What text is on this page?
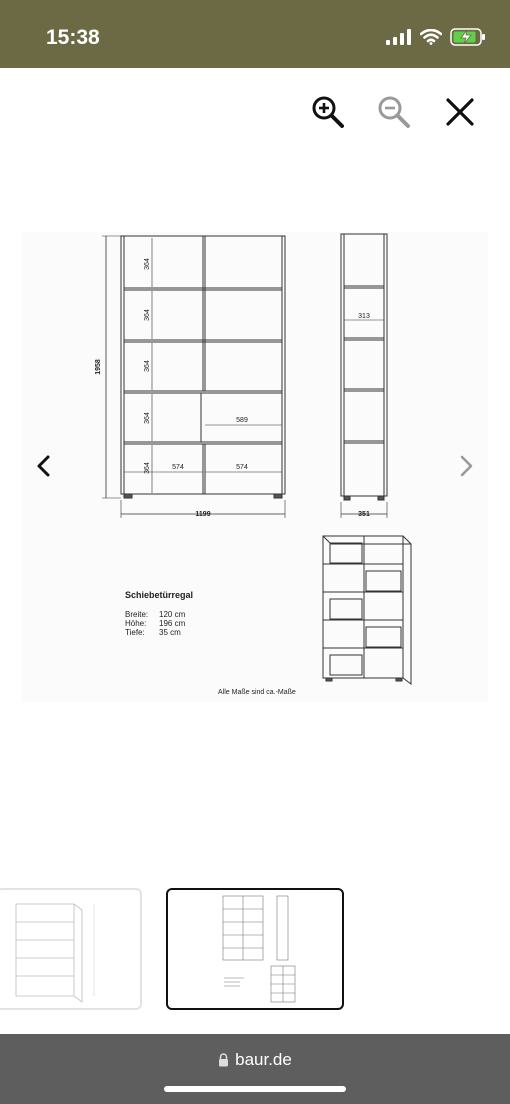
15:38
1958
364
364
364
364
364
589
574	574
1199
313
351
Schiebetürregal
Breite:	120 cm
Höhe:	196 cm
Tiefe:	35 cm
Alle Maße sind ca.-Maße
baur.de
